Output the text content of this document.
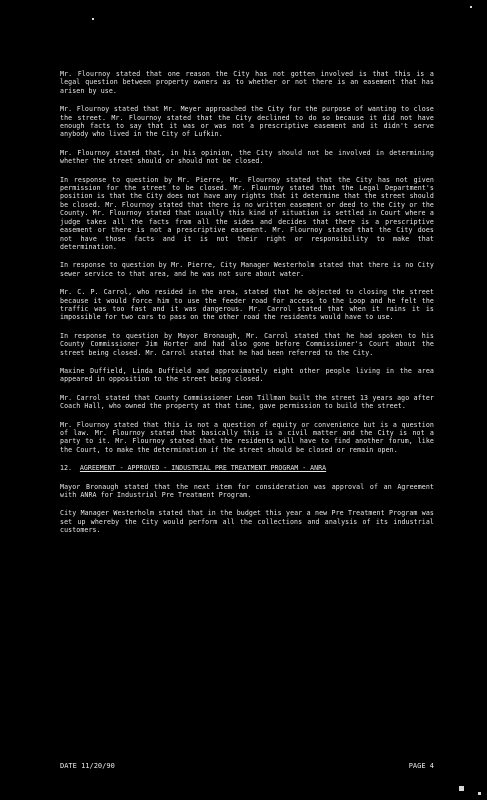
Mr. Flournoy stated that one reason the City has not gotten involved is that this is a legal question between property owners as to whether or not there is an easement that has arisen by use.

Mr. Flournoy stated that Mr. Meyer approached the City for the purpose of wanting to close the street. Mr. Flournoy stated that the City declined to do so because it did not have enough facts to say that it was or was not a prescriptive easement and it didn't serve anybody who lived in the City of Lufkin.

Mr. Flournoy stated that, in his opinion, the City should not be involved in determining whether the street should or should not be closed.

In response to question by Mr. Pierre, Mr. Flournoy stated that the City has not given permission for the street to be closed. Mr. Flournoy stated that the Legal Department's position is that the City does not have any rights that it determine that the street should be closed. Mr. Flournoy stated that there is no written easement or deed to the City or the County. Mr. Flournoy stated that usually this kind of situation is settled in Court where a judge takes all the facts from all the sides and decides that there is a prescriptive easement or there is not a prescriptive easement. Mr. Flournoy stated that the City does not have those facts and it is not their right or responsibility to make that determination.

In response to question by Mr. Pierre, City Manager Westerholm stated that there is no City sewer service to that area, and he was not sure about water.

Mr. C. P. Carrol, who resided in the area, stated that he objected to closing the street because it would force him to use the feeder road for access to the Loop and he felt the traffic was too fast and it was dangerous. Mr. Carrol stated that when it rains it is impossible for two cars to pass on the other road the residents would have to use.

In response to question by Mayor Bronaugh, Mr. Carrol stated that he had spoken to his County Commissioner Jim Horter and had also gone before Commissioner's Court about the street being closed. Mr. Carrol stated that he had been referred to the City.

Maxine Duffield, Linda Duffield and approximately eight other people living in the area appeared in opposition to the street being closed.

Mr. Carrol stated that County Commissioner Leon Tillman built the street 13 years ago after Coach Hall, who owned the property at that time, gave permission to build the street.

Mr. Flournoy stated that this is not a question of equity or convenience but is a question of law. Mr. Flournoy stated that basically this is a civil matter and the City is not a party to it. Mr. Flournoy stated that the residents will have to find another forum, like the Court, to make the determination if the street should be closed or remain open.

12. AGREEMENT - APPROVED - INDUSTRIAL PRE TREATMENT PROGRAM - ANRA

Mayor Bronaugh stated that the next item for consideration was approval of an Agreement with ANRA for Industrial Pre Treatment Program.

City Manager Westerholm stated that in the budget this year a new Pre Treatment Program was set up whereby the City would perform all the collections and analysis of its industrial customers.

DATE 11/20/90	PAGE 4
